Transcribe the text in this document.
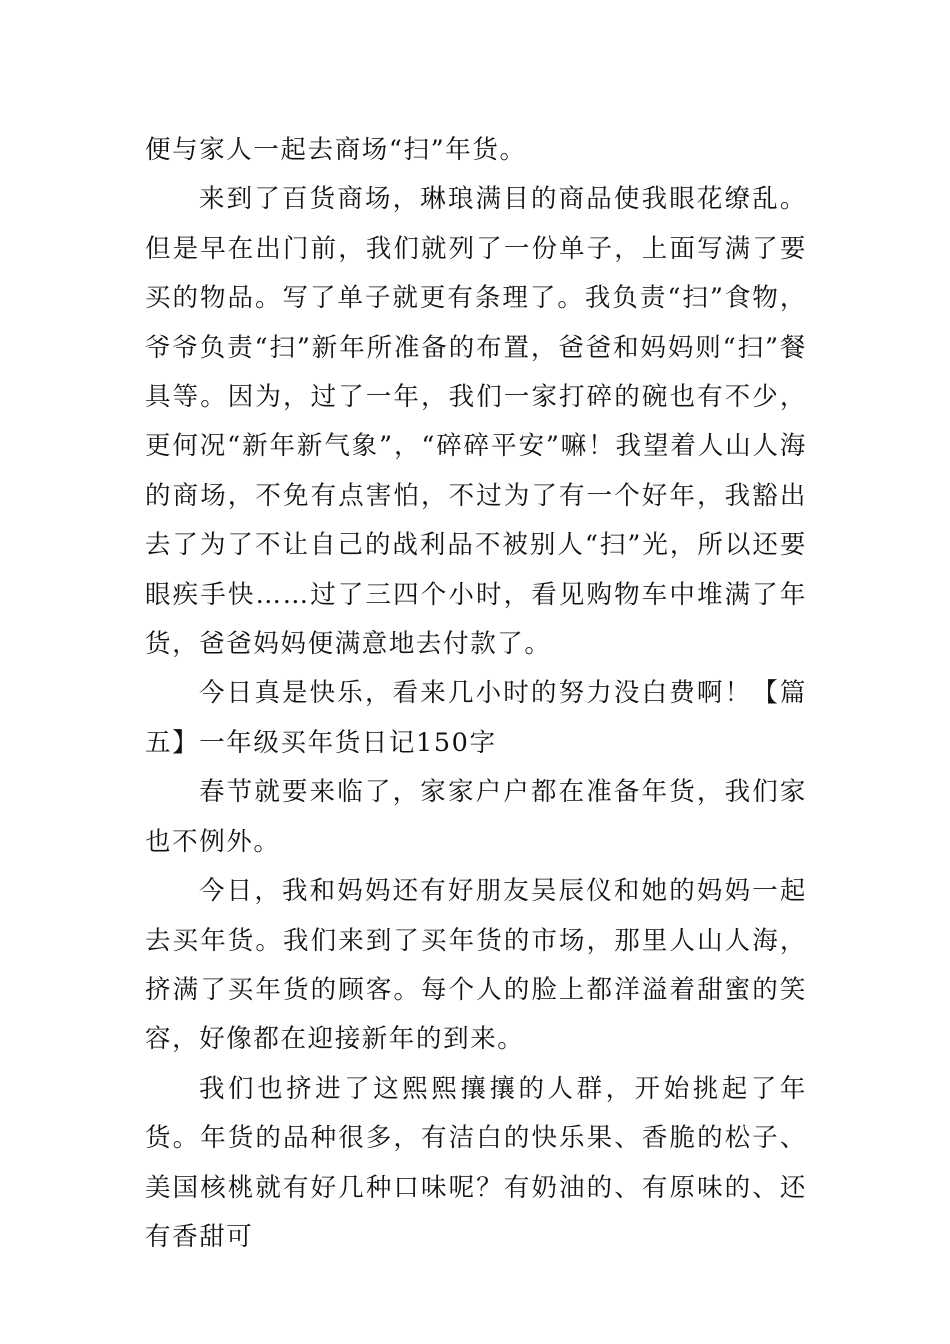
便与家人一起去商场“扫”年货。

来到了百货商场，琳琅满目的商品使我眼花缭乱。但是早在出门前，我们就列了一份单子，上面写满了要买的物品。写了单子就更有条理了。我负责“扫”食物，爷爷负责“扫”新年所准备的布置，爸爸和妈妈则“扫”餐具等。因为，过了一年，我们一家打碎的碗也有不少，更何况“新年新气象”，“碎碎平安”嘛！我望着人山人海的商场，不免有点害怕，不过为了有一个好年，我豁出去了为了不让自己的战利品不被别人“扫”光，所以还要眼疾手快……过了三四个小时，看见购物车中堆满了年货，爸爸妈妈便满意地去付款了。

今日真是快乐，看来几小时的努力没白费啊！【篇五】一年级买年货日记150字

春节就要来临了，家家户户都在准备年货，我们家也不例外。

今日，我和妈妈还有好朋友吴辰仪和她的妈妈一起去买年货。我们来到了买年货的市场，那里人山人海，挤满了买年货的顾客。每个人的脸上都洋溢着甜蜜的笑容，好像都在迎接新年的到来。

我们也挤进了这熙熙攘攘的人群，开始挑起了年货。年货的品种很多，有洁白的快乐果、香脆的松子、美国核桃就有好几种口味呢？有奶油的、有原味的、还有香甜可
